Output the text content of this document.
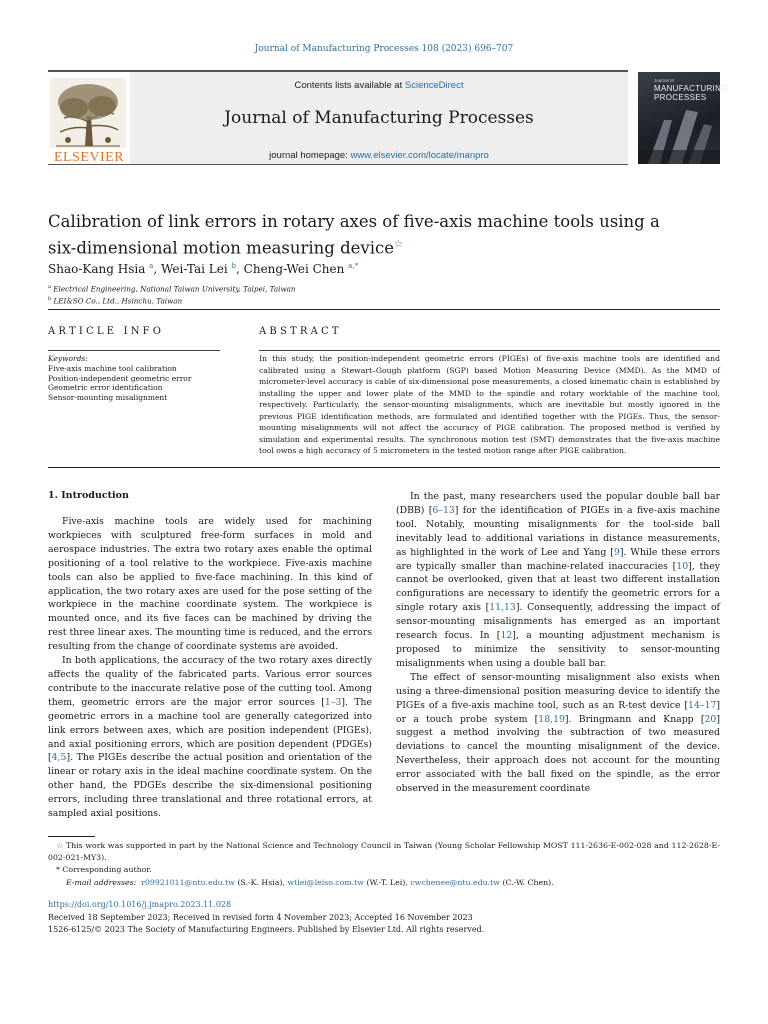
Journal of Manufacturing Processes 108 (2023) 696–707
ELSEVIER
Contents lists available at ScienceDirect
Journal of Manufacturing Processes
journal homepage: www.elsevier.com/locate/manpro
Journal of
MANUFACTURING PROCESSES
Calibration of link errors in rotary axes of five-axis machine tools using a six-dimensional motion measuring device☆
Shao-Kang Hsia $^a$, Wei-Tai Lei $^b$, Cheng-Wei Chen $^{a,*}$
$^a$ Electrical Engineering, National Taiwan University, Taipei, Taiwan
$^b$ LEI&SO Co., Ltd., Hsinchu, Taiwan
ARTICLE INFO	ABSTRACT
Keywords:
Five-axis machine tool calibration
Position-independent geometric error
Geometric error identification
Sensor-mounting misalignment
In this study, the position-independent geometric errors (PIGEs) of five-axis machine tools are identified and calibrated using a Stewart–Gough platform (SGP) based Motion Measuring Device (MMD). As the MMD of micrometer-level accuracy is cable of six-dimensional pose measurements, a closed kinematic chain is established by installing the upper and lower plate of the MMD to the spindle and rotary worktable of the machine tool, respectively. Particularly, the sensor-mounting misalignments, which are inevitable but mostly ignored in the previous PIGE identification methods, are formulated and identified together with the PIGEs. Thus, the sensor-mounting misalignments will not affect the accuracy of PIGE calibration. The proposed method is verified by simulation and experimental results. The synchronous motion test (SMT) demonstrates that the five-axis machine tool owns a high accuracy of 5 micrometers in the tested motion range after PIGE calibration.
1. Introduction

Five-axis machine tools are widely used for machining workpieces with sculptured free-form surfaces in mold and aerospace industries. The extra two rotary axes enable the optimal positioning of a tool relative to the workpiece. Five-axis machine tools can also be applied to five-face machining. In this kind of application, the two rotary axes are used for the pose setting of the workpiece in the machine coordinate system. The workpiece is mounted once, and its five faces can be machined by driving the rest three linear axes. The mounting time is reduced, and the errors resulting from the change of coordinate systems are avoided.

In both applications, the accuracy of the two rotary axes directly affects the quality of the fabricated parts. Various error sources contribute to the inaccurate relative pose of the cutting tool. Among them, geometric errors are the major error sources [1–3]. The geometric errors in a machine tool are generally categorized into link errors between axes, which are position independent (PIGEs), and axial positioning errors, which are position dependent (PDGEs) [4,5]. The PIGEs describe the actual position and orientation of the linear or rotary axis in the ideal machine coordinate system. On the other hand, the PDGEs describe the six-dimensional positioning errors, including three translational and three rotational errors, at sampled axial positions.

In the past, many researchers used the popular double ball bar (DBB) [6–13] for the identification of PIGEs in a five-axis machine tool. Notably, mounting misalignments for the tool-side ball inevitably lead to additional variations in distance measurements, as highlighted in the work of Lee and Yang [9]. While these errors are typically smaller than machine-related inaccuracies [10], they cannot be overlooked, given that at least two different installation configurations are necessary to identify the geometric errors for a single rotary axis [11,13]. Consequently, addressing the impact of sensor-mounting misalignments has emerged as an important research focus. In [12], a mounting adjustment mechanism is proposed to minimize the sensitivity to sensor-mounting misalignments when using a double ball bar.

The effect of sensor-mounting misalignment also exists when using a three-dimensional position measuring device to identify the PIGEs of a five-axis machine tool, such as an R-test device [14–17] or a touch probe system [18,19]. Bringmann and Knapp [20] suggest a method involving the subtraction of two measured deviations to cancel the mounting misalignment of the device. Nevertheless, their approach does not account for the mounting error associated with the ball fixed on the spindle, as the error observed in the measurement coordinate

☆ This work was supported in part by the National Science and Technology Council in Taiwan (Young Scholar Fellowship MOST 111-2636-E-002-028 and 112-2628-E-002-021-MY3).

* Corresponding author.

E-mail addresses: r09921011@ntu.edu.tw (S.-K. Hsia), wtlei@leiso.com.tw (W.-T. Lei), cwchenee@ntu.edu.tw (C.-W. Chen).

https://doi.org/10.1016/j.jmapro.2023.11.028
Received 18 September 2023; Received in revised form 4 November 2023; Accepted 16 November 2023
1526-6125/© 2023 The Society of Manufacturing Engineers. Published by Elsevier Ltd. All rights reserved.
